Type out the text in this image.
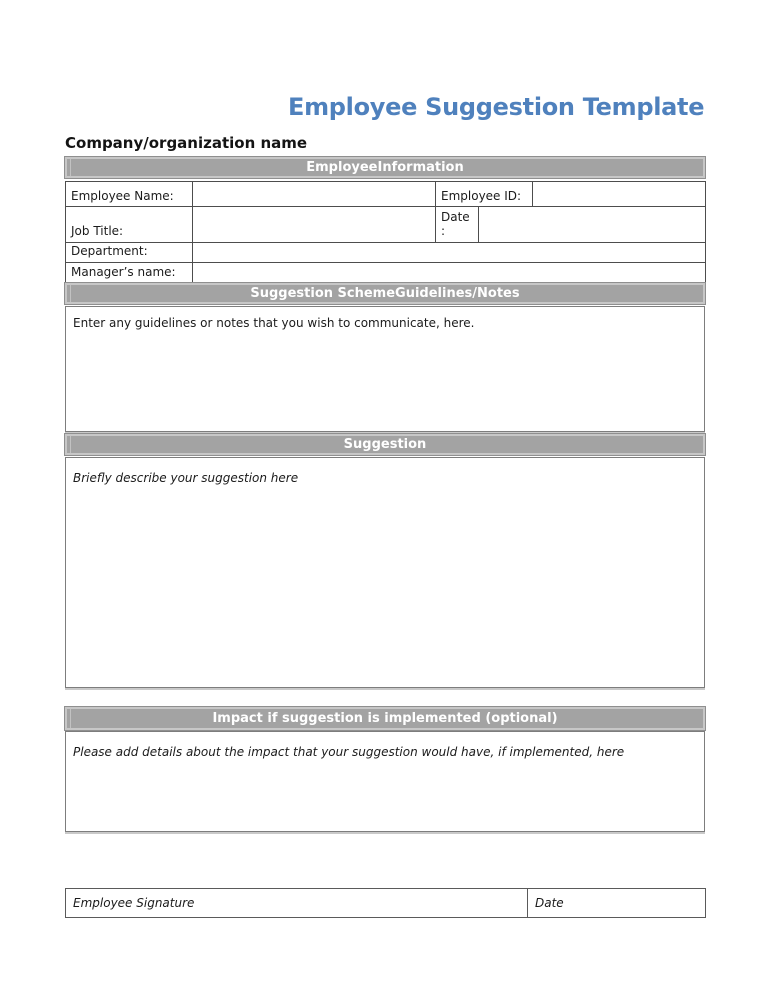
Employee Suggestion Template
Company/organization name
EmployeeInformation
Employee Name:		Employee ID:		
Job Title:		Date :		
Department:				
Manager’s name:				
Suggestion SchemeGuidelines/Notes
Enter any guidelines or notes that you wish to communicate, here.
Suggestion
Briefly describe your suggestion here
Impact if suggestion is implemented (optional)
Please add details about the impact that your suggestion would have, if implemented, here
Employee Signature	Date
